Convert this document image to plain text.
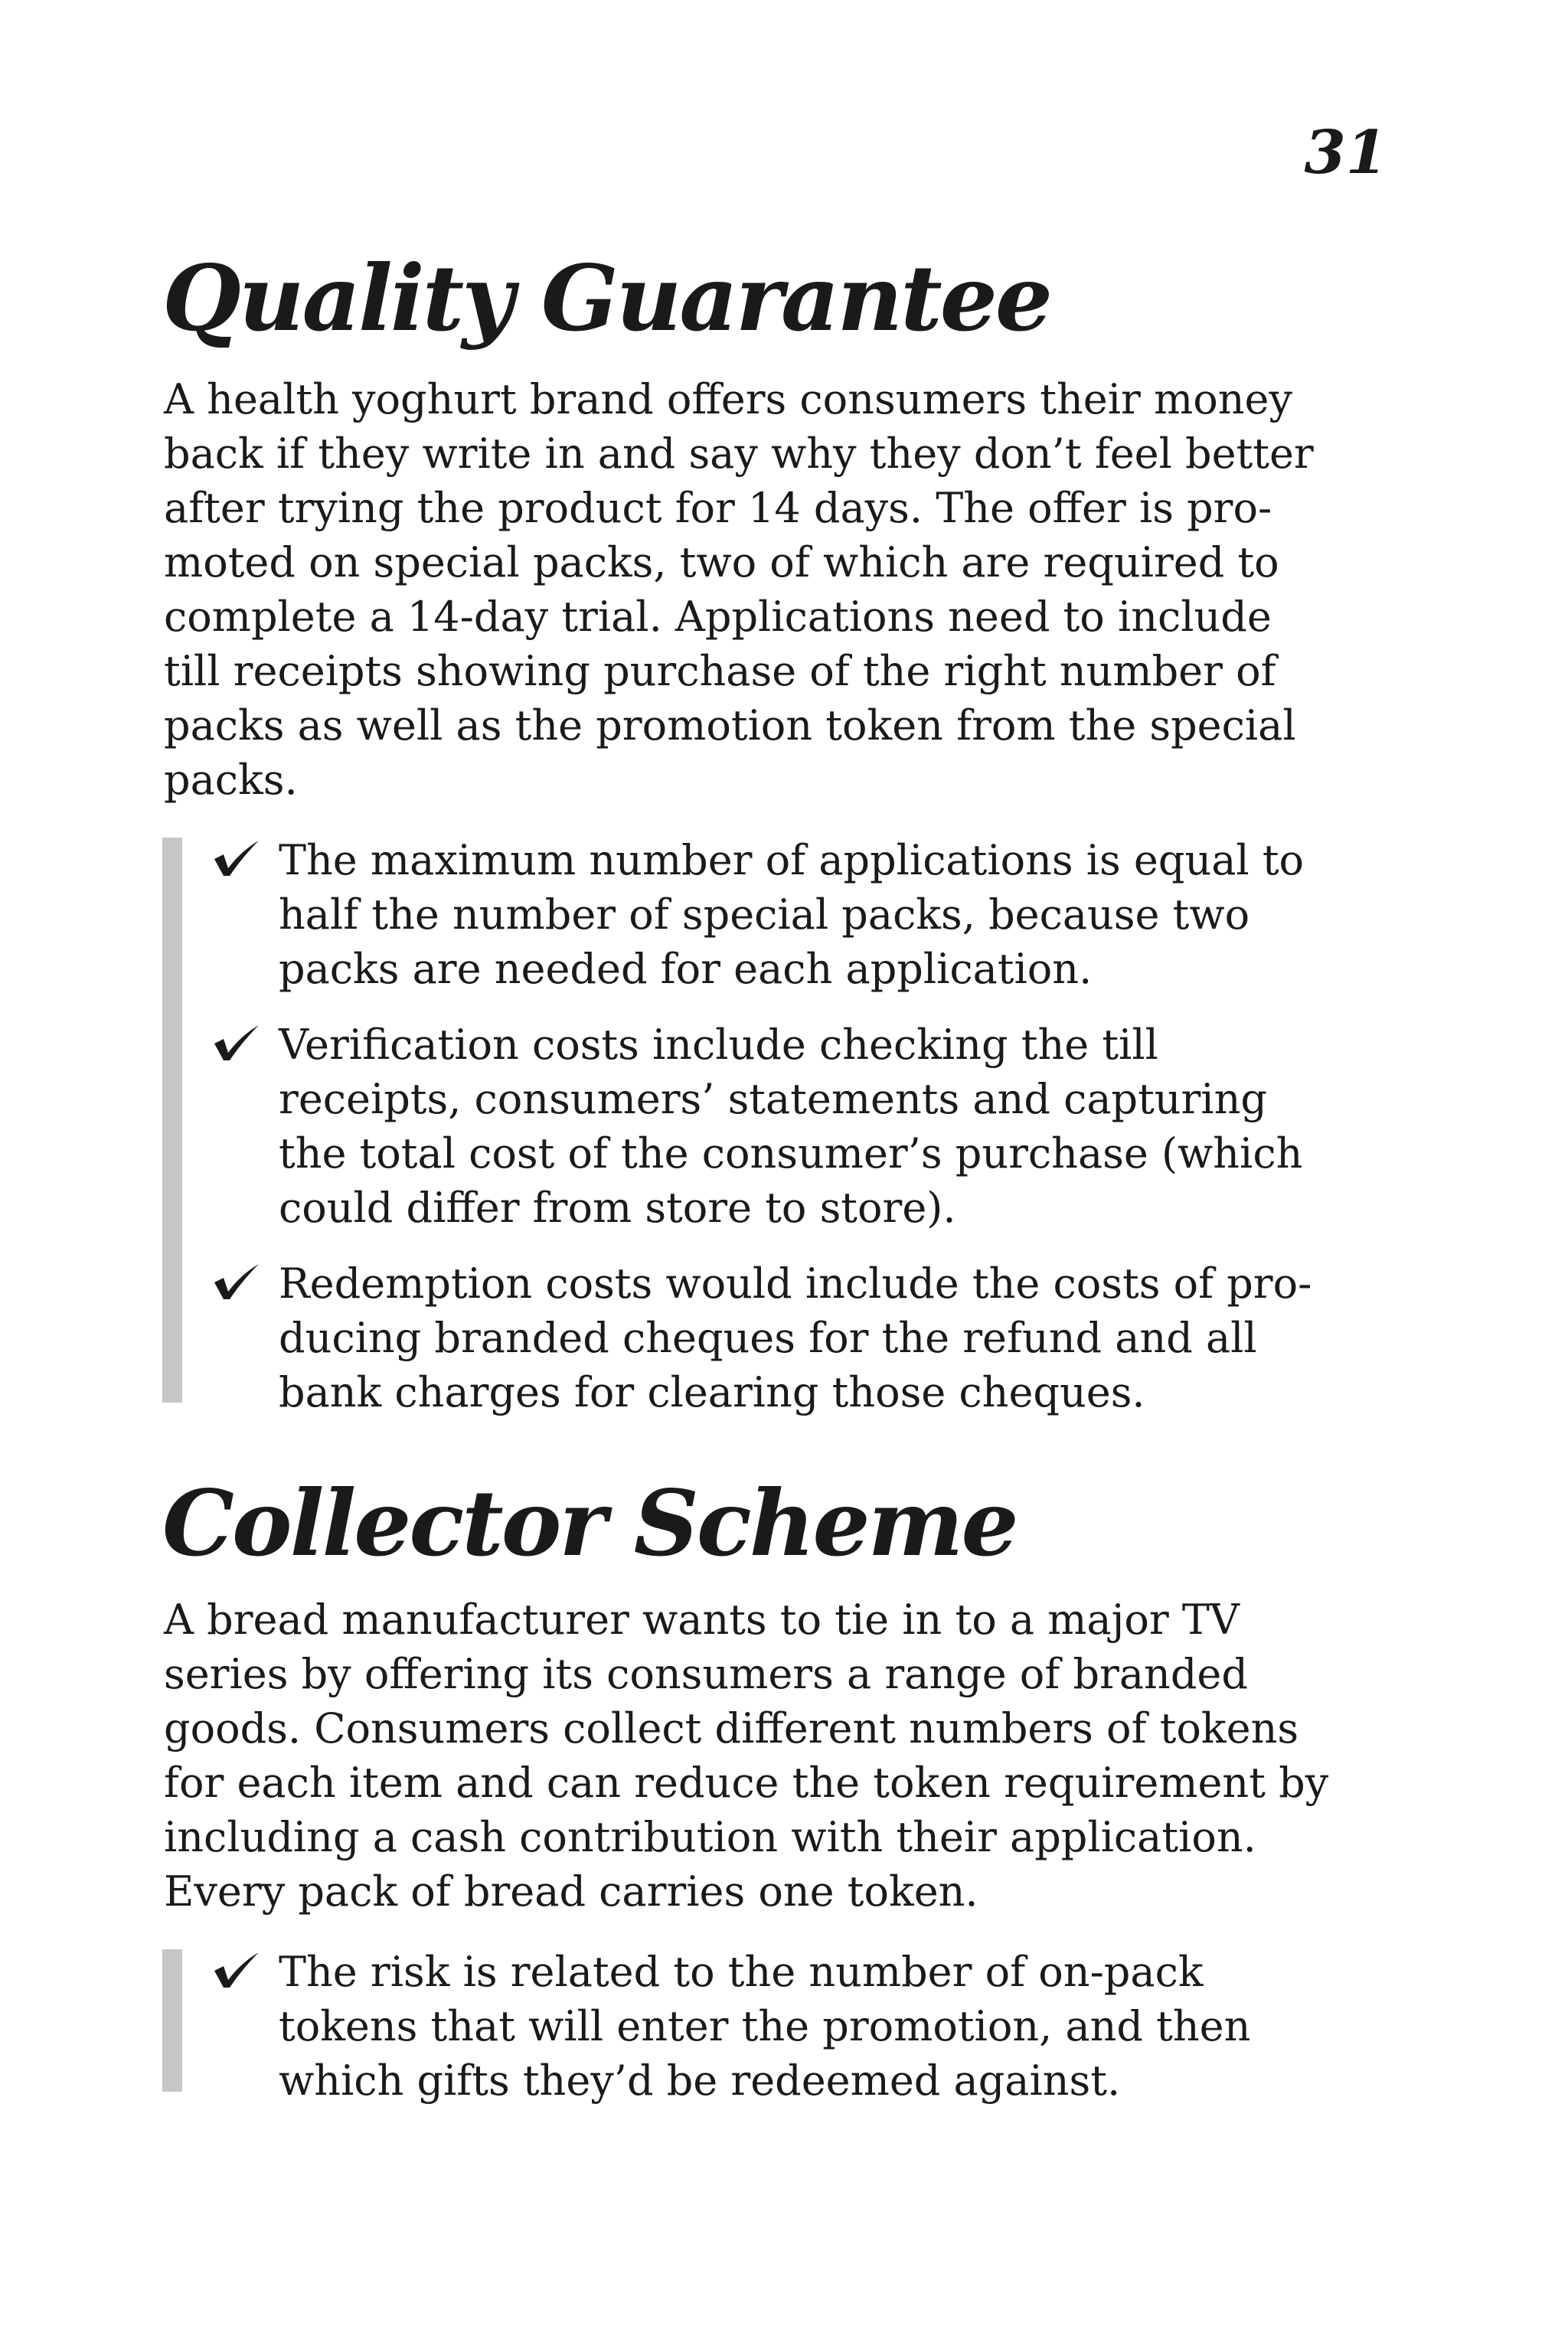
31
Quality Guarantee

A health yoghurt brand offers consumers their money
back if they write in and say why they don’t feel better
after trying the product for 14 days. The offer is pro-
moted on special packs, two of which are required to
complete a 14-day trial. Applications need to include
till receipts showing purchase of the right number of
packs as well as the promotion token from the special
packs.

The maximum number of applications is equal to
half the number of special packs, because two
packs are needed for each application.
Verification costs include checking the till
receipts, consumers’ statements and capturing
the total cost of the consumer’s purchase (which
could differ from store to store).
Redemption costs would include the costs of pro-
ducing branded cheques for the refund and all
bank charges for clearing those cheques.
Collector Scheme

A bread manufacturer wants to tie in to a major TV
series by offering its consumers a range of branded
goods. Consumers collect different numbers of tokens
for each item and can reduce the token requirement by
including a cash contribution with their application.
Every pack of bread carries one token.

The risk is related to the number of on-pack
tokens that will enter the promotion, and then
which gifts they’d be redeemed against.
